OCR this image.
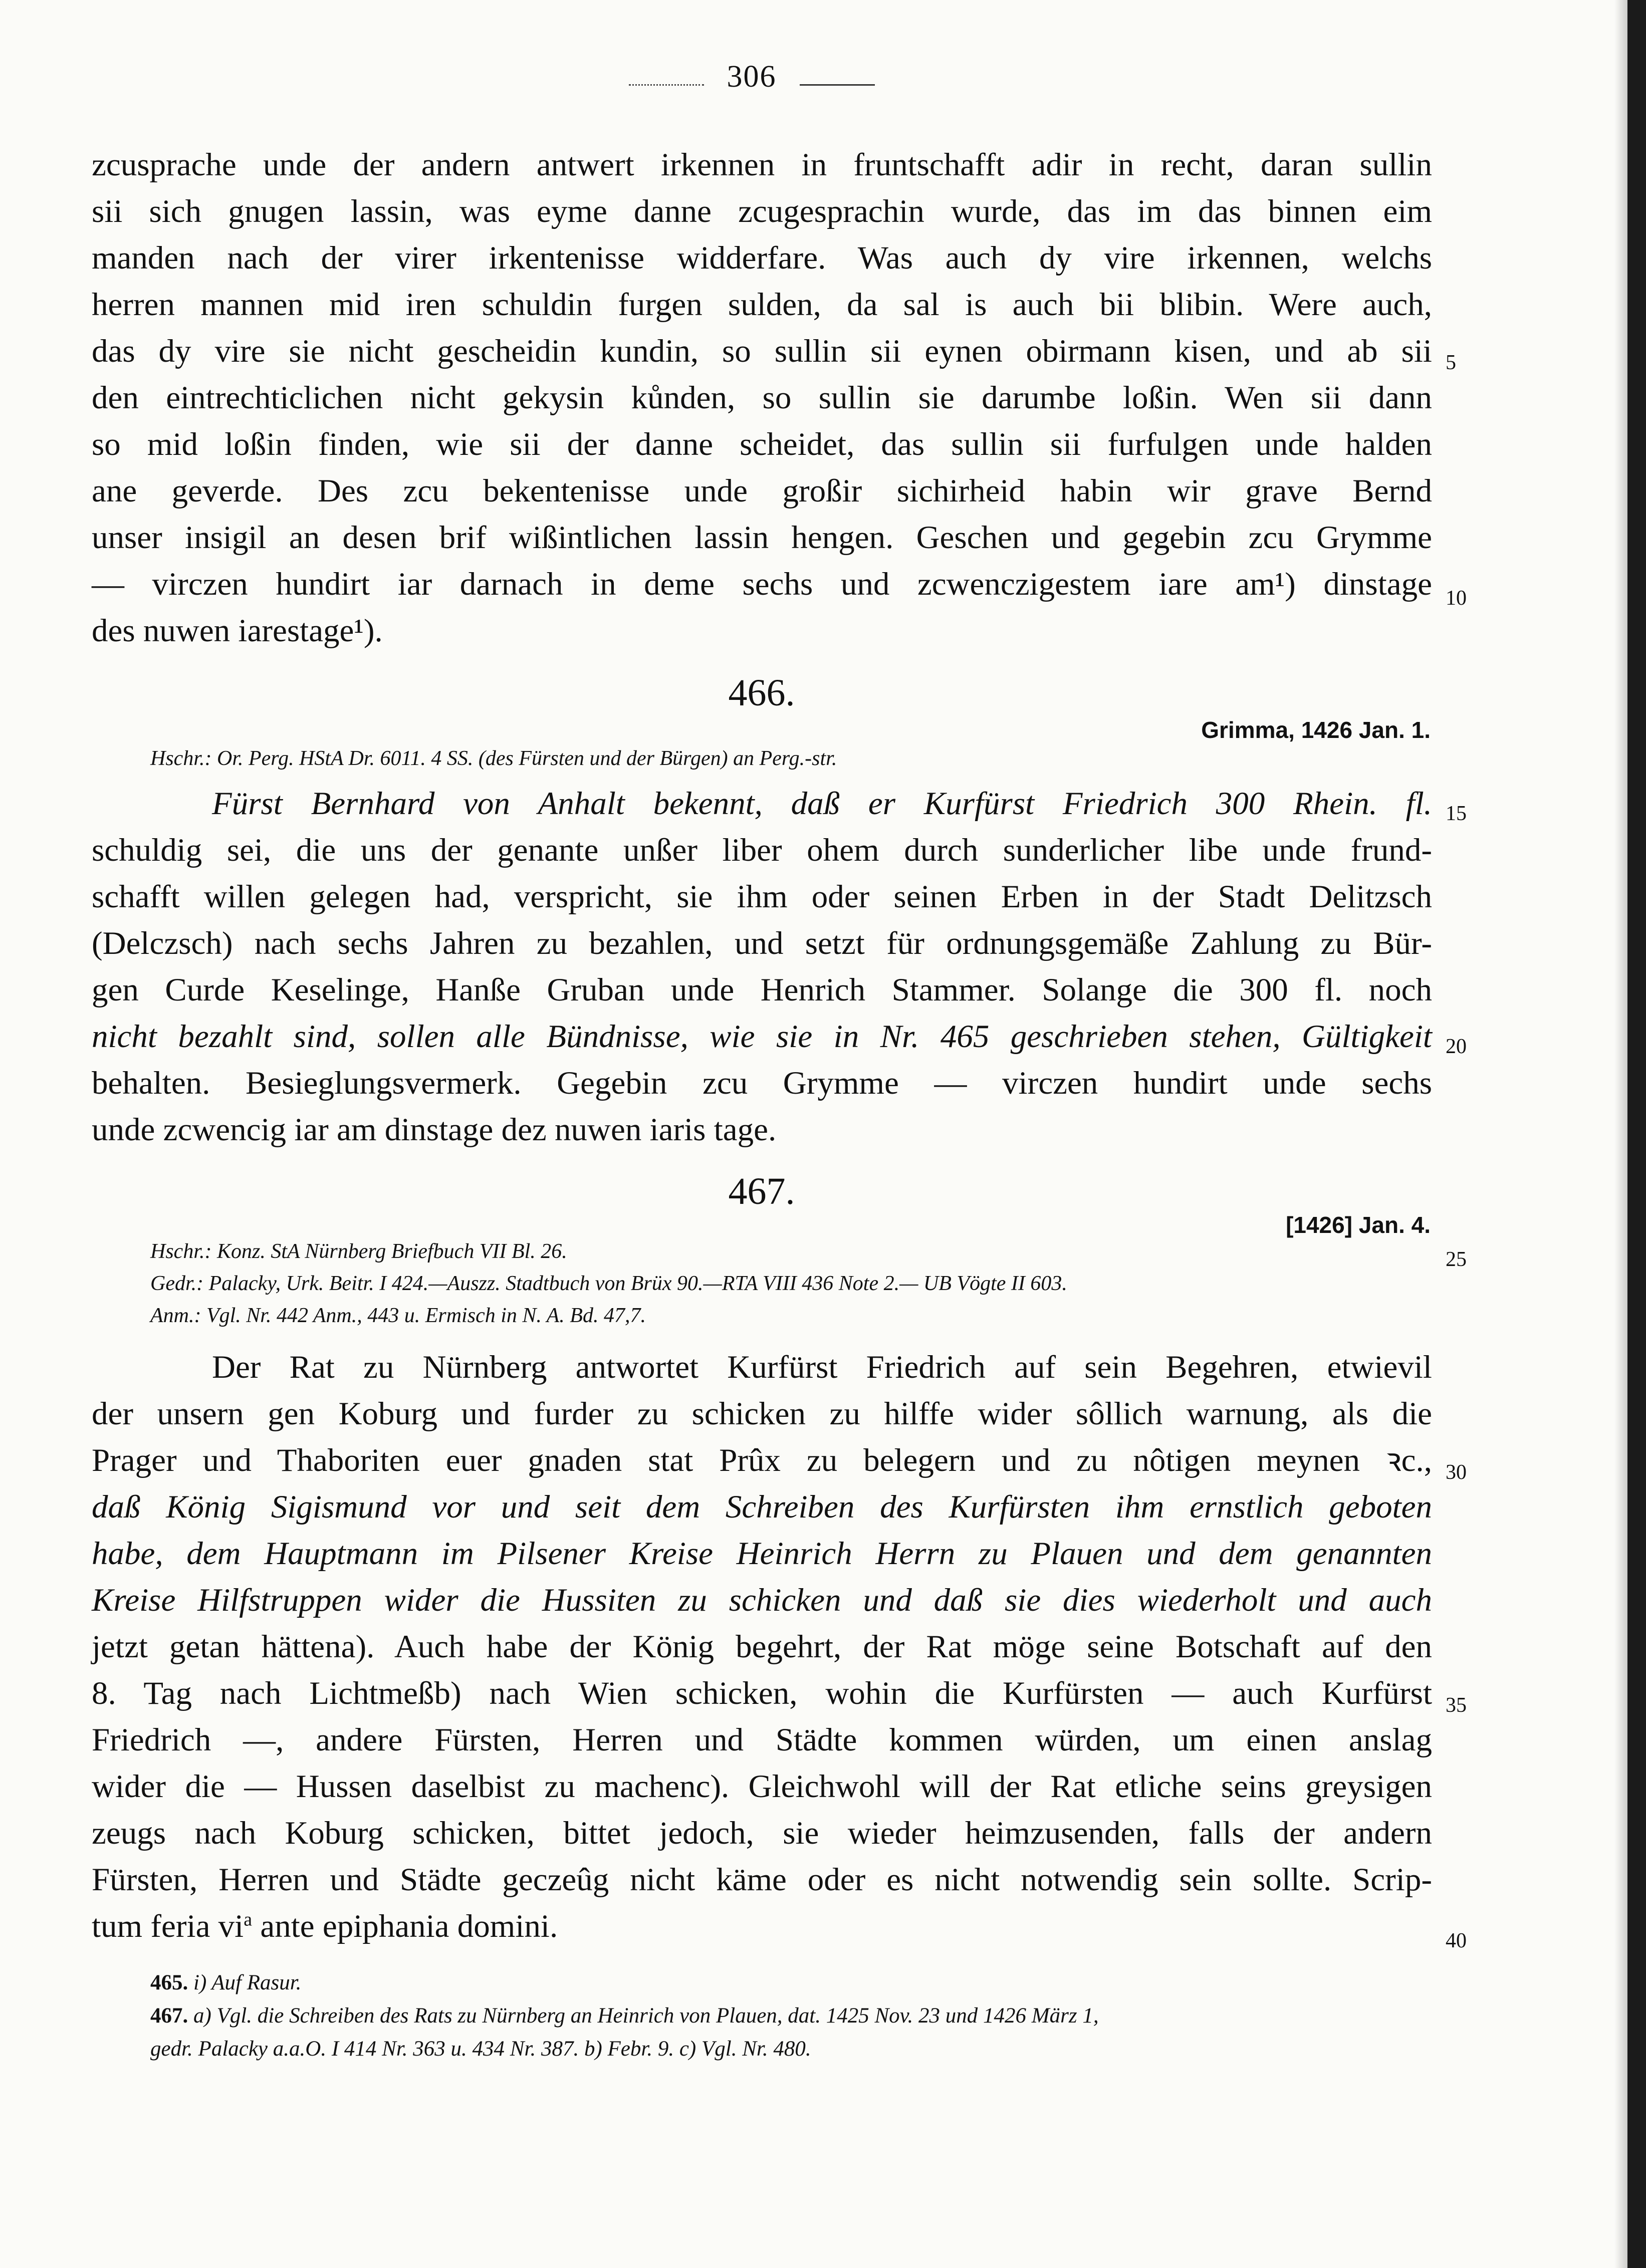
306
zcusprache unde der andern antwert irkennen in fruntschafft adir in recht, daran sullin
sii sich gnugen lassin, was eyme danne zcugesprachin wurde, das im das binnen eim
manden nach der virer irkentenisse widderfare. Was auch dy vire irkennen, welchs
herren mannen mid iren schuldin furgen sulden, da sal is auch bii blibin. Were auch,
das dy vire sie nicht gescheidin kundin, so sullin sii eynen obirmann kisen, und ab sii
den eintrechticlichen nicht gekysin kůnden, so sullin sie darumbe loßin. Wen sii dann
so mid loßin finden, wie sii der danne scheidet, das sullin sii furfulgen unde halden
ane geverde. Des zcu bekentenisse unde großir sichirheid habin wir grave Bernd
unser insigil an desen brif wißintlichen lassin hengen. Geschen und gegebin zcu Grymme
— virczen hundirt iar darnach in deme sechs und zcwenczigestem iare am¹) dinstage
des nuwen iarestage¹).
466.
Grimma, 1426 Jan. 1.
Hschr.: Or. Perg. HStA Dr. 6011. 4 SS. (des Fürsten und der Bürgen) an Perg.-str.
Fürst Bernhard von Anhalt bekennt, daß er Kurfürst Friedrich 300 Rhein. fl.
schuldig sei, die uns der genante unßer liber ohem durch sunderlicher libe unde frund-
schafft willen gelegen had, verspricht, sie ihm oder seinen Erben in der Stadt Delitzsch
(Delczsch) nach sechs Jahren zu bezahlen, und setzt für ordnungsgemäße Zahlung zu Bür-
gen Curde Keselinge, Hanße Gruban unde Henrich Stammer. Solange die 300 fl. noch
nicht bezahlt sind, sollen alle Bündnisse, wie sie in Nr. 465 geschrieben stehen, Gültigkeit
behalten. Besieglungsvermerk. Gegebin zcu Grymme — virczen hundirt unde sechs
unde zcwencig iar am dinstage dez nuwen iaris tage.
467.
[1426] Jan. 4.
Hschr.: Konz. StA Nürnberg Briefbuch VII Bl. 26.
Gedr.: Palacky, Urk. Beitr. I 424.—Auszz. Stadtbuch von Brüx 90.—RTA VIII 436 Note 2.— UB Vögte II 603.
Anm.: Vgl. Nr. 442 Anm., 443 u. Ermisch in N. A. Bd. 47,7.
Der Rat zu Nürnberg antwortet Kurfürst Friedrich auf sein Begehren, etwievil
der unsern gen Koburg und furder zu schicken zu hilffe wider sôllich warnung, als die
Prager und Thaboriten euer gnaden stat Prûx zu belegern und zu nôtigen meynen ꝛc.,
daß König Sigismund vor und seit dem Schreiben des Kurfürsten ihm ernstlich geboten
habe, dem Hauptmann im Pilsener Kreise Heinrich Herrn zu Plauen und dem genannten
Kreise Hilfstruppen wider die Hussiten zu schicken und daß sie dies wiederholt und auch
jetzt getan hättena). Auch habe der König begehrt, der Rat möge seine Botschaft auf den
8. Tag nach Lichtmeßb) nach Wien schicken, wohin die Kurfürsten — auch Kurfürst
Friedrich —, andere Fürsten, Herren und Städte kommen würden, um einen anslag
wider die — Hussen daselbist zu machenc). Gleichwohl will der Rat etliche seins greysigen
zeugs nach Koburg schicken, bittet jedoch, sie wieder heimzusenden, falls der andern
Fürsten, Herren und Städte geczeûg nicht käme oder es nicht notwendig sein sollte. Scrip-
tum feria $vi^a$ ante epiphania domini.
5
10
15
20
25
30
35
40
465. i) Auf Rasur.
467. a) Vgl. die Schreiben des Rats zu Nürnberg an Heinrich von Plauen, dat. 1425 Nov. 23 und 1426 März 1,
gedr. Palacky a.a.O. I 414 Nr. 363 u. 434 Nr. 387. b) Febr. 9. c) Vgl. Nr. 480.
